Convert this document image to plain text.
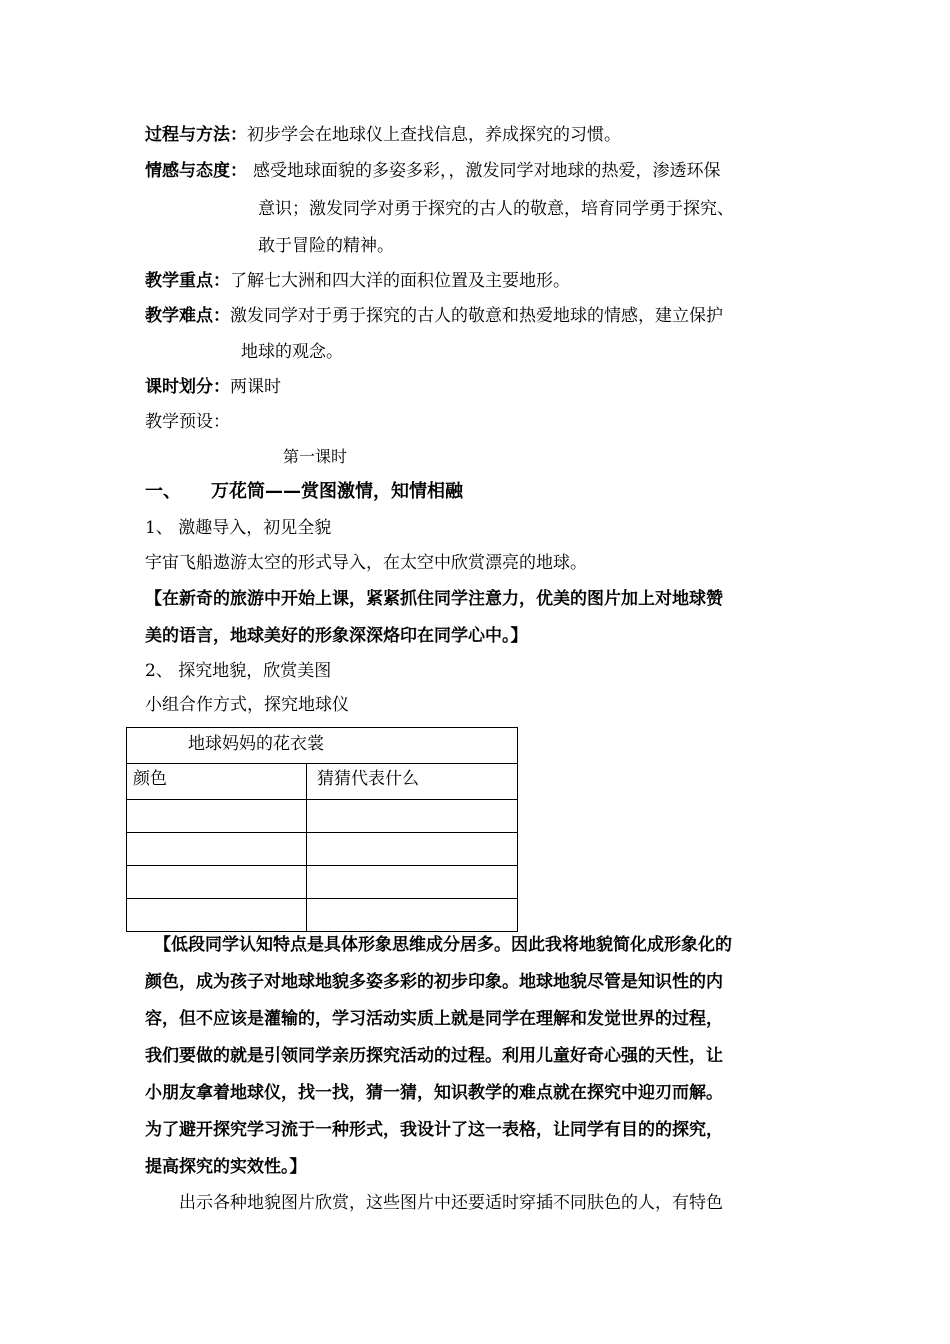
过程与方法：初步学会在地球仪上查找信息，养成探究的习惯。
情感与态度： 感受地球面貌的多姿多彩，，激发同学对地球的热爱，渗透环保
意识；激发同学对勇于探究的古人的敬意，培育同学勇于探究、
敢于冒险的精神。
教学重点：了解七大洲和四大洋的面积位置及主要地形。
教学难点：激发同学对于勇于探究的古人的敬意和热爱地球的情感，建立保护
地球的观念。
课时划分：两课时
教学预设：
第一课时
一、 万花筒——赏图激情，知情相融
1、 激趣导入，初见全貌
宇宙飞船遨游太空的形式导入，在太空中欣赏漂亮的地球。
【在新奇的旅游中开始上课，紧紧抓住同学注意力，优美的图片加上对地球赞
美的语言，地球美好的形象深深烙印在同学心中。】
2、 探究地貌，欣赏美图
小组合作方式，探究地球仪
地球妈妈的花衣裳
颜色	猜猜代表什么
【低段同学认知特点是具体形象思维成分居多。因此我将地貌简化成形象化的
颜色，成为孩子对地球地貌多姿多彩的初步印象。地球地貌尽管是知识性的内
容，但不应该是灌输的，学习活动实质上就是同学在理解和发觉世界的过程，
我们要做的就是引领同学亲历探究活动的过程。利用儿童好奇心强的天性，让
小朋友拿着地球仪，找一找，猜一猜，知识教学的难点就在探究中迎刃而解。
为了避开探究学习流于一种形式，我设计了这一表格，让同学有目的的探究，
提高探究的实效性。】
出示各种地貌图片欣赏，这些图片中还要适时穿插不同肤色的人，有特色
